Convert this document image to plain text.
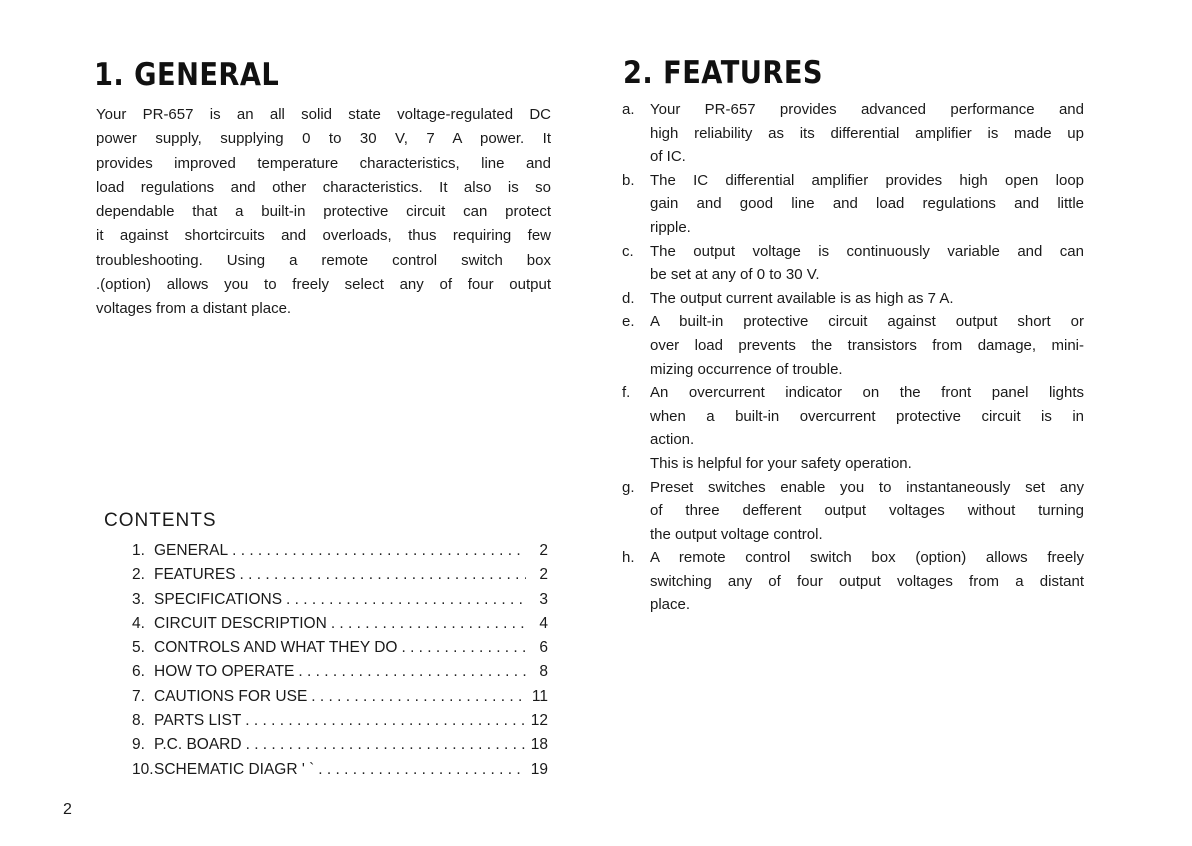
1. GENERAL
Your PR-657 is an all solid state voltage-regulated DC
power supply, supplying 0 to 30 V, 7 A power. It
provides improved temperature characteristics, line and
load regulations and other characteristics. It also is so
dependable that a built-in protective circuit can protect
it against shortcircuits and overloads, thus requiring few
troubleshooting. Using a remote control switch box
.(option) allows you to freely select any of four output
voltages from a distant place.
CONTENTS
1. GENERAL . . .	2
2. FEATURES . . .	2
3. SPECIFICATIONS . . .	3
4. CIRCUIT DESCRIPTION . . .	4
5. CONTROLS AND WHAT THEY DO . . .	6
6. HOW TO OPERATE . . .	8
7. CAUTIONS FOR USE . . .	11
8. PARTS LIST . . .	12
9. P.C. BOARD . . .	18
10. SCHEMATIC DIAGR ' ` . . .	19
2. FEATURES
a.	Your PR-657 provides advanced performance and
high reliability as its differential amplifier is made up
of IC.
b.	The IC differential amplifier provides high open loop
gain and good line and load regulations and little
ripple.
c.	The output voltage is continuously variable and can
be set at any of 0 to 30 V.
d.	The output current available is as high as 7 A.
e.	A built-in protective circuit against output short or
over load prevents the transistors from damage, mini-
mizing occurrence of trouble.
f.	An overcurrent indicator on the front panel lights
when a built-in overcurrent protective circuit is in
action.
This is helpful for your safety operation.
g.	Preset switches enable you to instantaneously set any
of three defferent output voltages without turning
the output voltage control.
h.	A remote control switch box (option) allows freely
switching any of four output voltages from a distant
place.
2
